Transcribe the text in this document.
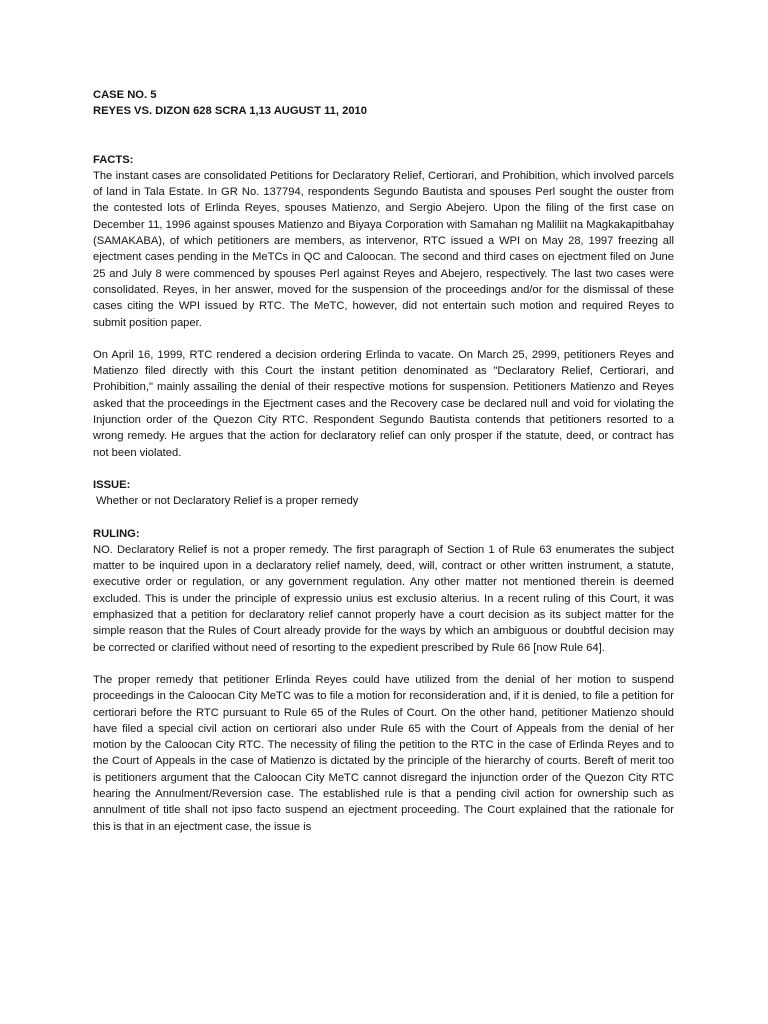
CASE NO. 5

REYES VS. DIZON 628 SCRA 1,13 AUGUST 11, 2010

FACTS:

The instant cases are consolidated Petitions for Declaratory Relief, Certiorari, and Prohibition, which involved parcels of land in Tala Estate. In GR No. 137794, respondents Segundo Bautista and spouses Perl sought the ouster from the contested lots of Erlinda Reyes, spouses Matienzo, and Sergio Abejero. Upon the filing of the first case on December 11, 1996 against spouses Matienzo and Biyaya Corporation with Samahan ng Maliliit na Magkakapitbahay (SAMAKABA), of which petitioners are members, as intervenor, RTC issued a WPI on May 28, 1997 freezing all ejectment cases pending in the MeTCs in QC and Caloocan. The second and third cases on ejectment filed on June 25 and July 8 were commenced by spouses Perl against Reyes and Abejero, respectively. The last two cases were consolidated. Reyes, in her answer, moved for the suspension of the proceedings and/or for the dismissal of these cases citing the WPI issued by RTC. The MeTC, however, did not entertain such motion and required Reyes to submit position paper.

On April 16, 1999, RTC rendered a decision ordering Erlinda to vacate. On March 25, 2999, petitioners Reyes and Matienzo filed directly with this Court the instant petition denominated as "Declaratory Relief, Certiorari, and Prohibition," mainly assailing the denial of their respective motions for suspension. Petitioners Matienzo and Reyes asked that the proceedings in the Ejectment cases and the Recovery case be declared null and void for violating the Injunction order of the Quezon City RTC. Respondent Segundo Bautista contends that petitioners resorted to a wrong remedy. He argues that the action for declaratory relief can only prosper if the statute, deed, or contract has not been violated.

ISSUE:

Whether or not Declaratory Relief is a proper remedy

RULING:

NO. Declaratory Relief is not a proper remedy. The first paragraph of Section 1 of Rule 63 enumerates the subject matter to be inquired upon in a declaratory relief namely, deed, will, contract or other written instrument, a statute, executive order or regulation, or any government regulation. Any other matter not mentioned therein is deemed excluded. This is under the principle of expressio unius est exclusio alterius. In a recent ruling of this Court, it was emphasized that a petition for declaratory relief cannot properly have a court decision as its subject matter for the simple reason that the Rules of Court already provide for the ways by which an ambiguous or doubtful decision may be corrected or clarified without need of resorting to the expedient prescribed by Rule 66 [now Rule 64].

The proper remedy that petitioner Erlinda Reyes could have utilized from the denial of her motion to suspend proceedings in the Caloocan City MeTC was to file a motion for reconsideration and, if it is denied, to file a petition for certiorari before the RTC pursuant to Rule 65 of the Rules of Court. On the other hand, petitioner Matienzo should have filed a special civil action on certiorari also under Rule 65 with the Court of Appeals from the denial of her motion by the Caloocan City RTC. The necessity of filing the petition to the RTC in the case of Erlinda Reyes and to the Court of Appeals in the case of Matienzo is dictated by the principle of the hierarchy of courts. Bereft of merit too is petitioners argument that the Caloocan City MeTC cannot disregard the injunction order of the Quezon City RTC hearing the Annulment/Reversion case. The established rule is that a pending civil action for ownership such as annulment of title shall not ipso facto suspend an ejectment proceeding. The Court explained that the rationale for this is that in an ejectment case, the issue is
